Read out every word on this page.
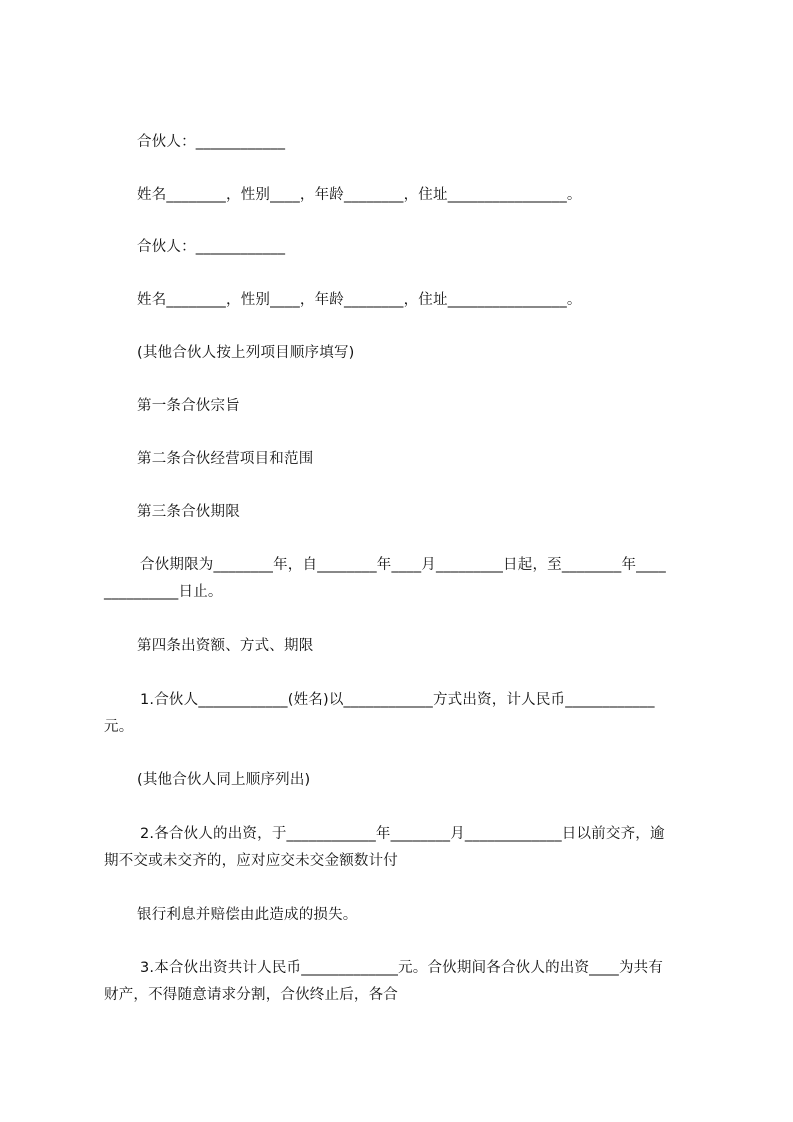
合伙人：____________
姓名________，性别____，年龄________，住址________________。
合伙人：____________
姓名________，性别____，年龄________，住址________________。
(其他合伙人按上列项目顺序填写)
第一条合伙宗旨
第二条合伙经营项目和范围
第三条合伙期限
合伙期限为________年，自________年____月_________日起，至________年____
__________日止。
第四条出资额、方式、期限
1.合伙人____________(姓名)以____________方式出资，计人民币____________
元。
(其他合伙人同上顺序列出)
2.各合伙人的出资，于____________年________月_____________日以前交齐，逾
期不交或未交齐的，应对应交未交金额数计付
银行利息并赔偿由此造成的损失。
3.本合伙出资共计人民币_____________元。合伙期间各合伙人的出资____为共有
财产，不得随意请求分割，合伙终止后，各合
